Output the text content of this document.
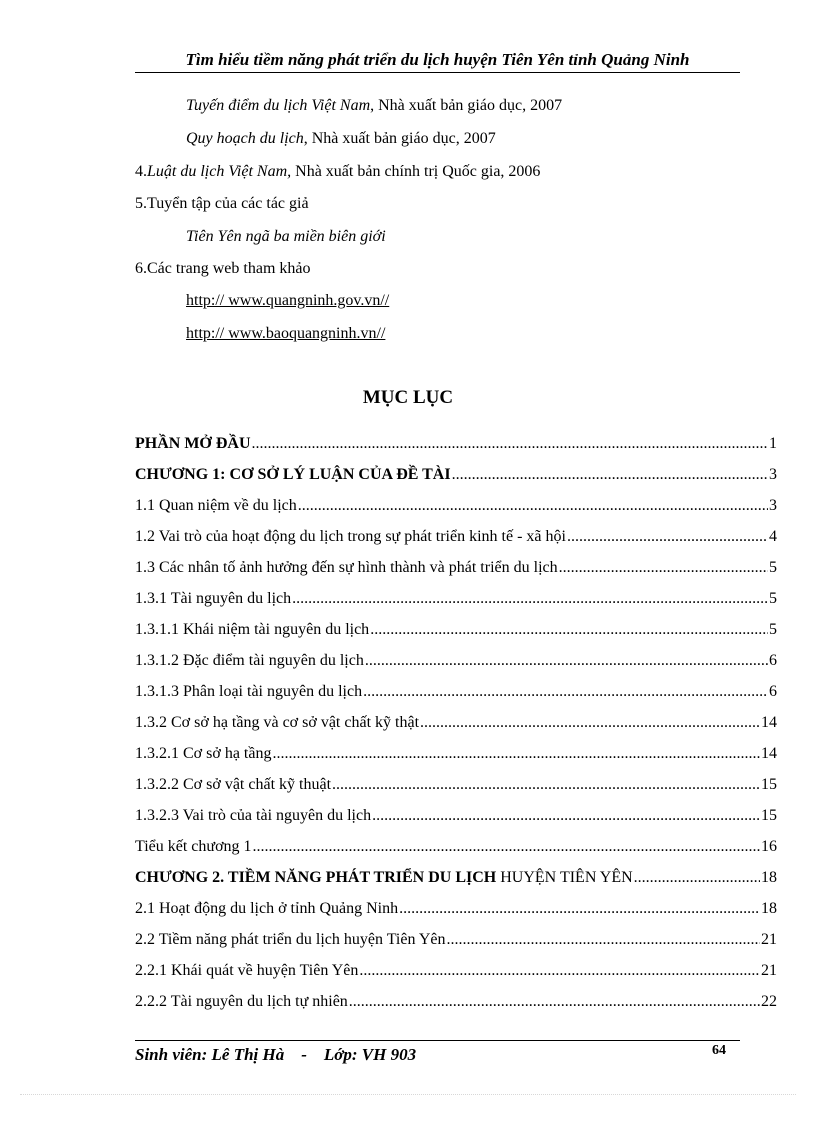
Tìm hiểu tiềm năng phát triển du lịch huyện Tiên Yên tỉnh Quảng Ninh
Tuyến điểm du lịch Việt Nam, Nhà xuất bản giáo dục, 2007
Quy hoạch du lịch, Nhà xuất bản giáo dục, 2007
4.Luật du lịch Việt Nam, Nhà xuất bản chính trị Quốc gia, 2006
5.Tuyển tập của các tác giả
Tiên Yên ngã ba miền biên giới
6.Các trang web tham khảo
http:// www.quangninh.gov.vn//
http:// www.baoquangninh.vn//
MỤC LỤC
PHẦN MỞ ĐẦU .....	1
CHƯƠNG 1: CƠ SỞ LÝ LUẬN CỦA ĐỀ TÀI .....	3
1.1 Quan niệm về du lịch .....	3
1.2 Vai trò của hoạt động du lịch trong sự phát triển kinh tế - xã hội .....	4
1.3 Các nhân tố ảnh hưởng đến sự hình thành và phát triển du lịch .....	5
1.3.1 Tài nguyên du lịch .....	5
1.3.1.1 Khái niệm tài nguyên du lịch .....	5
1.3.1.2 Đặc điểm tài nguyên du lịch .....	6
1.3.1.3 Phân loại tài nguyên du lịch .....	6
1.3.2 Cơ sở hạ tầng và cơ sở vật chất kỹ thật .....	14
1.3.2.1 Cơ sở hạ tầng .....	14
1.3.2.2 Cơ sở vật chất kỹ thuật .....	15
1.3.2.3 Vai trò của tài nguyên du lịch .....	15
Tiểu kết chương 1 .....	16
CHƯƠNG 2. TIỀM NĂNG PHÁT TRIỂN DU LỊCH HUYỆN TIÊN YÊN .....	18
2.1 Hoạt động du lịch ở tỉnh Quảng Ninh .....	18
2.2 Tiềm năng phát triển du lịch huyện Tiên Yên .....	21
2.2.1 Khái quát về huyện Tiên Yên .....	21
2.2.2 Tài nguyên du lịch tự nhiên .....	22
Sinh viên: Lê Thị Hà    -    Lớp: VH 903	64
